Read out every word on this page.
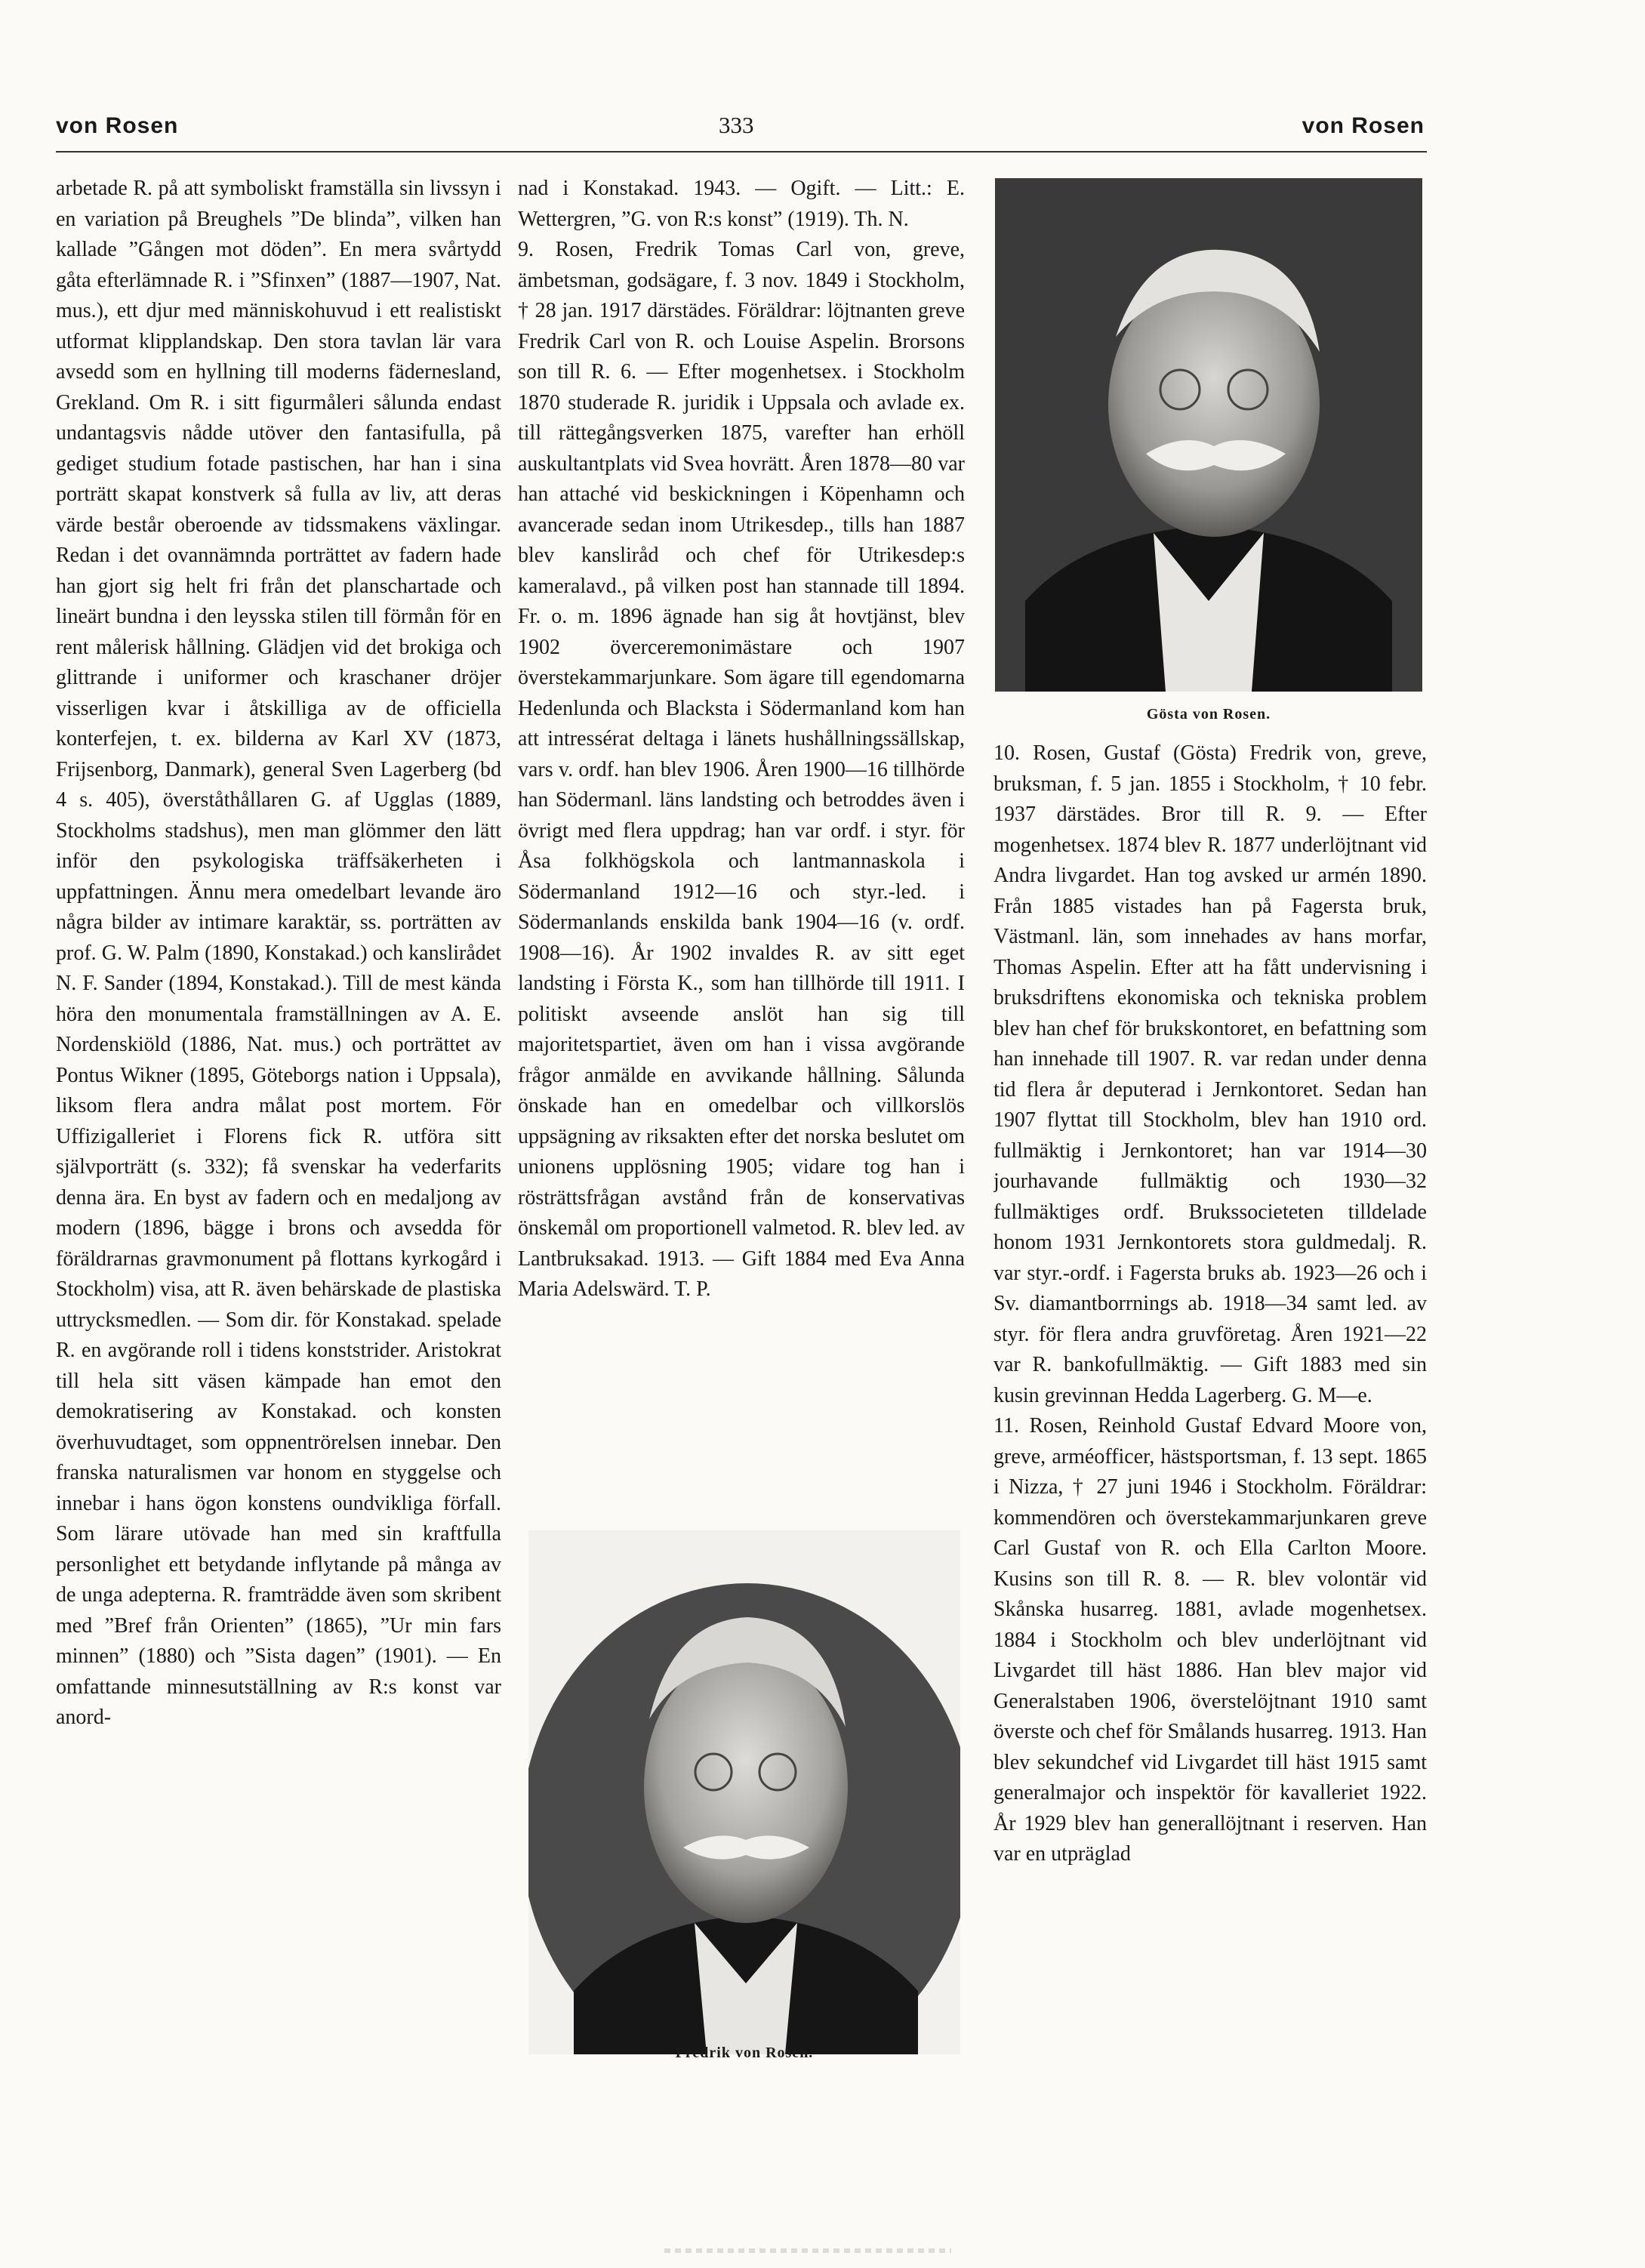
von Rosen	333	von Rosen
arbetade R. på att symboliskt framställa sin livssyn i en variation på Breughels ”De blinda”, vilken han kallade ”Gången mot döden”. En mera svårtydd gåta efterlämnade R. i ”Sfinxen” (1887—1907, Nat. mus.), ett djur med människohuvud i ett realistiskt utformat klipplandskap. Den stora tavlan lär vara avsedd som en hyllning till moderns fädernesland, Grekland. Om R. i sitt figurmåleri sålunda endast undantagsvis nådde utöver den fantasifulla, på gediget studium fotade pastischen, har han i sina porträtt skapat konstverk så fulla av liv, att deras värde består oberoende av tidssmakens växlingar. Redan i det ovannämnda porträttet av fadern hade han gjort sig helt fri från det planschartade och lineärt bundna i den leysska stilen till förmån för en rent målerisk hållning. Glädjen vid det brokiga och glittrande i uniformer och kraschaner dröjer visserligen kvar i åtskilliga av de officiella konterfejen, t. ex. bilderna av Karl XV (1873, Frijsenborg, Danmark), general Sven Lagerberg (bd 4 s. 405), överståthållaren G. af Ugglas (1889, Stockholms stadshus), men man glömmer den lätt inför den psykologiska träffsäkerheten i uppfattningen. Ännu mera omedelbart levande äro några bilder av intimare karaktär, ss. porträtten av prof. G. W. Palm (1890, Konstakad.) och kanslirådet N. F. Sander (1894, Konstakad.). Till de mest kända höra den monumentala framställningen av A. E. Nordenskiöld (1886, Nat. mus.) och porträttet av Pontus Wikner (1895, Göteborgs nation i Uppsala), liksom flera andra målat post mortem. För Uffizigalleriet i Florens fick R. utföra sitt självporträtt (s. 332); få svenskar ha vederfarits denna ära. En byst av fadern och en medaljong av modern (1896, bägge i brons och avsedda för föräldrarnas gravmonument på flottans kyrkogård i Stockholm) visa, att R. även behärskade de plastiska uttrycksmedlen. — Som dir. för Konstakad. spelade R. en avgörande roll i tidens konststrider. Aristokrat till hela sitt väsen kämpade han emot den demokratisering av Konstakad. och konsten överhuvudtaget, som oppnentrörelsen innebar. Den franska naturalismen var honom en styggelse och innebar i hans ögon konstens oundvikliga förfall. Som lärare utövade han med sin kraftfulla personlighet ett betydande inflytande på många av de unga adepterna. R. framträdde även som skribent med ”Bref från Orienten” (1865), ”Ur min fars minnen” (1880) och ”Sista dagen” (1901). — En omfattande minnesutställning av R:s konst var anord-
nad i Konstakad. 1943. — Ogift. — Litt.: E. Wettergren, ”G. von R:s konst” (1919). Th. N.
9. Rosen, Fredrik Tomas Carl von, greve, ämbetsman, godsägare, f. 3 nov. 1849 i Stockholm, † 28 jan. 1917 därstädes. Föräldrar: löjtnanten greve Fredrik Carl von R. och Louise Aspelin. Brorsons son till R. 6. — Efter mogenhetsex. i Stockholm 1870 studerade R. juridik i Uppsala och avlade ex. till rättegångsverken 1875, varefter han erhöll auskultantplats vid Svea hovrätt. Åren 1878—80 var han attaché vid beskickningen i Köpenhamn och avancerade sedan inom Utrikesdep., tills han 1887 blev kansliråd och chef för Utrikesdep:s kameralavd., på vilken post han stannade till 1894. Fr. o. m. 1896 ägnade han sig åt hovtjänst, blev 1902 överceremonimästare och 1907 överstekammarjunkare. Som ägare till egendomarna Hedenlunda och Blacksta i Södermanland kom han att intressérat deltaga i länets hushållningssällskap, vars v. ordf. han blev 1906. Åren 1900—16 tillhörde han Södermanl. läns landsting och betroddes även i övrigt med flera uppdrag; han var ordf. i styr. för Åsa folkhögskola och lantmannaskola i Södermanland 1912—16 och styr.-led. i Södermanlands enskilda bank 1904—16 (v. ordf. 1908—16). År 1902 invaldes R. av sitt eget landsting i Första K., som han tillhörde till 1911. I politiskt avseende anslöt han sig till majoritetspartiet, även om han i vissa avgörande frågor anmälde en avvikande hållning. Sålunda önskade han en omedelbar och villkorslös uppsägning av riksakten efter det norska beslutet om unionens upplösning 1905; vidare tog han i rösträttsfrågan avstånd från de konservativas önskemål om proportionell valmetod. R. blev led. av Lantbruksakad. 1913. — Gift 1884 med Eva Anna Maria Adelswärd. T. P.
Gösta von Rosen.
10. Rosen, Gustaf (Gösta) Fredrik von, greve, bruksman, f. 5 jan. 1855 i Stockholm, † 10 febr. 1937 därstädes. Bror till R. 9. — Efter mogenhetsex. 1874 blev R. 1877 underlöjtnant vid Andra livgardet. Han tog avsked ur armén 1890. Från 1885 vistades han på Fagersta bruk, Västmanl. län, som innehades av hans morfar, Thomas Aspelin. Efter att ha fått undervisning i bruksdriftens ekonomiska och tekniska problem blev han chef för brukskontoret, en befattning som han innehade till 1907. R. var redan under denna tid flera år deputerad i Jernkontoret. Sedan han 1907 flyttat till Stockholm, blev han 1910 ord. fullmäktig i Jernkontoret; han var 1914—30 jourhavande fullmäktig och 1930—32 fullmäktiges ordf. Brukssocieteten tilldelade honom 1931 Jernkontorets stora guldmedalj. R. var styr.-ordf. i Fagersta bruks ab. 1923—26 och i Sv. diamantborrnings ab. 1918—34 samt led. av styr. för flera andra gruvföretag. Åren 1921—22 var R. bankofullmäktig. — Gift 1883 med sin kusin grevinnan Hedda Lagerberg. G. M—e.
11. Rosen, Reinhold Gustaf Edvard Moore von, greve, arméofficer, hästsportsman, f. 13 sept. 1865 i Nizza, † 27 juni 1946 i Stockholm. Föräldrar: kommendören och överstekammarjunkaren greve Carl Gustaf von R. och Ella Carlton Moore. Kusins son till R. 8. — R. blev volontär vid Skånska husarreg. 1881, avlade mogenhetsex. 1884 i Stockholm och blev underlöjtnant vid Livgardet till häst 1886. Han blev major vid Generalstaben 1906, överstelöjtnant 1910 samt överste och chef för Smålands husarreg. 1913. Han blev sekundchef vid Livgardet till häst 1915 samt generalmajor och inspektör för kavalleriet 1922. År 1929 blev han generallöjtnant i reserven. Han var en utpräglad
Fredrik von Rosen.
